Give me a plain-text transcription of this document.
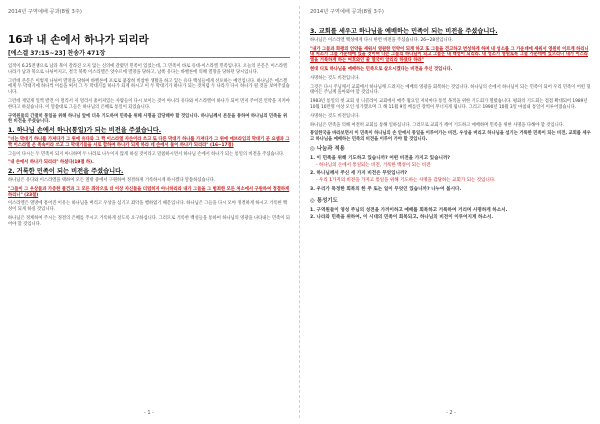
2014년 구역예배 공과(8월 3주)
16과 내 손에서 하나가 되리라
[에스겔 37:15~23] 찬송가 471장

입적이 6.25전쟁으로 남과 북이 갈라진 오지 않는 신의에 갈렸던 민족이 있었는데, 그 민족이 바로 유대-이스라엘 민족입니다. 오늘의 본문은 이스라엘나라가 남과 북으로 나뉘어지고, 결국 북쪽 이스라엘은 앗수르에 멸망을 당하고, 남쪽 유다는 바벨론에 의해 멸망을 당하던 당시입니다.

그런데 본문은 이렇게 나뉘어 멸망을 당하여 바벨론에 포로로 붙잡혀 비참한 생활을 하고 있는 유다 백성들에게 선포하는 예언입니다. 하나님은 에스겔에게 두 막대기에 하나씩 이름을 써서 그 두 막대기를 하나가 되게 하시고 이 두 막대기가 하나가 되는 것처럼 두 나라가 다시 하나가 될 것을 보여주셨습니다.

그런데 재밌게 일찍 발견 이 멀리서 저 멀리서 흩어져있는 사람들이 다시 보이는 것이 아니라 유다와 이스라엘이 하나가 되어 먼저 주어진 언약을 지켜야 한다고 하셨습니다. 이 말씀대로 그들은 하나님의 은혜로 통일이 되었습니다.

구역원들의 간절히 통일을 위해 하나님 앞에 더욱 기도하며 민족을 위해 사명을 감당해야 할 것입니다. 하나님께서 본문을 통하여 하나님의 민족을 위한 비전을 주셨습니다.

1. 하나님 손에서 하나(통일)가 되는 비전을 주셨습니다.

"너는 막대기 하나를 가져다가 그 위에 유다와 그 짝 이스라엘 자손이라 쓰고 또 다른 막대기 하나를 가져다가 그 위에 에브라임의 막대기 곧 요셉과 그 짝 이스라엘 온 족속이라 쓰고 그 막대기들을 서로 합하여 하나가 되게 하라 네 손에서 둘이 하나가 되리라" (16~17절)

그들이 다시는 두 민족이 되지 아니하며 두 나라로 나누이지 않게 하실 것이라고 말씀하시면서 하나님 손에서 하나가 되는 통일의 비전을 주셨습니다.

"내 손에서 하나가 되리라" 하셨다(19절 하).

2. 거룩한 민족이 되는 비전을 주셨습니다.

하나님은 유다와 이스라엘을 택하여 모든 열방 중에서 구원하여 정결하게 거룩하시게 하시겠다 말씀하셨습니다.

"그들이 그 우상들과 가증한 물건과 그 모든 죄악으로 더 이상 자신들을 더럽히지 아니하리라 내가 그들을 그 범죄한 모든 처소에서 구원하여 정결하게 하리니" (23절)

이스라엘은 열방에 흩어진 이유는 하나님을 버리고 우상을 섬기고 죄악을 행하였기 때문입니다. 하나님은 그들을 다시 모아 정결하게 하시고 거룩한 백성이 되게 하실 것입니다.

하나님은 정케하여 주시는 정결의 은혜를 주시고 거룩하게 살도록 요구하십니다. 그러므로 거룩한 백성들을 통하여 하나님의 영광을 나타내는 민족이 되어야 할 것입니다.

- 1 -
2014년 구역예배 공과(8월 3주)
3. 교회를 세우고 하나님을 예배하는 민족이 되는 비전을 주셨습니다.

하나님은 이스라엘 백성에게 다시 한번 비전을 주셨습니다. 26~28절입니다.

"내가 그들과 화평의 언약을 세워서 영원한 언약이 되게 하고 또 그들을 견고하고 번성하게 하며 내 성소를 그 가운데에 세워서 영원히 이르게 하리니 내 처소가 그들 가운데에 있을 것이며 나는 그들의 하나님이 되고 그들은 내 백성이 되리라. 내 성소가 영원토록 그들 가운데에 있으리니 내가 이스라엘을 거룩하게 하는 여호와인 줄 열국이 알리라 하셨다 하라"

현대 디토 하나님을 예배하는 민족으로 살으시겠다는 비전을 주신 것입니다.

사명하는 것도 비전입니다.

그것은 다시 주님께서 교회에서 하나님께 드려지는 예배의 영광을 회복하는 것입니다. 하나님의 손에서 하나님이 되는 민족이 되어 우리 민족이 어떤 형태이든 주님께 돌아와야 할 것입니다.

1983년 통일의 첫 교회 성 니콜라이 교회에서 매주 월요일 저녁마다 통일 목적을 위한 기도회가 열렸습니다. 평화의 기도회는 점점 확대되어 1989년 10월 10만명 이상 모인 성가했으며 그 해 11월 9일 베를린 장벽이 무너지게 됩니다. 그리고 1990년 10월 3일 마침내 통일이 이루어졌습니다.

사명하는 것도 비전입니다.

하나님은 민족을 의해 여전히 교회를 통해 일하십니다. 그러므로 교회가 깨어 기도하고 예배하며 민족을 위한 사명을 다해야 할 것입니다.

통일한국을 바라보면서 이 민족이 하나님의 손 안에서 통일을 이루어가는 비전, 우상을 버리고 하나님을 섬기는 거룩한 민족이 되는 비전, 교회를 세우고 하나님을 예배하는 민족의 비전을 이루어 가야 할 것입니다.

◎ 나눔과 적용
1. 이 민족을 위해 기도하고 있습니까? 어떤 비전을 가지고 있습니까?
- 하나님의 손에서 통일되는 비전, 거룩한 백성이 되는 비전
2. 하나님께서 주신 세 가지 비전은 무엇입니까?
- 우리 1가지의 비전을 가지고 통일을 위해 기도하는 사명을 감당하는 교회가 되는 것입니다.
3. 우리가 특정한 회복의 한 주 또는 일이 무엇인 있습니까? 나누어 봅시다.
◎ 통성기도
1. 구역원들이 영성 주님의 성전을 가까이하고 예배를 회복하고 거룩하여 거리며 사명하게 하소서.
2. 나라와 민족을 위하여, 이 시대의 민족이 회복되고, 하나님의 비전이 이루어지게 하소서.
- 2 -
